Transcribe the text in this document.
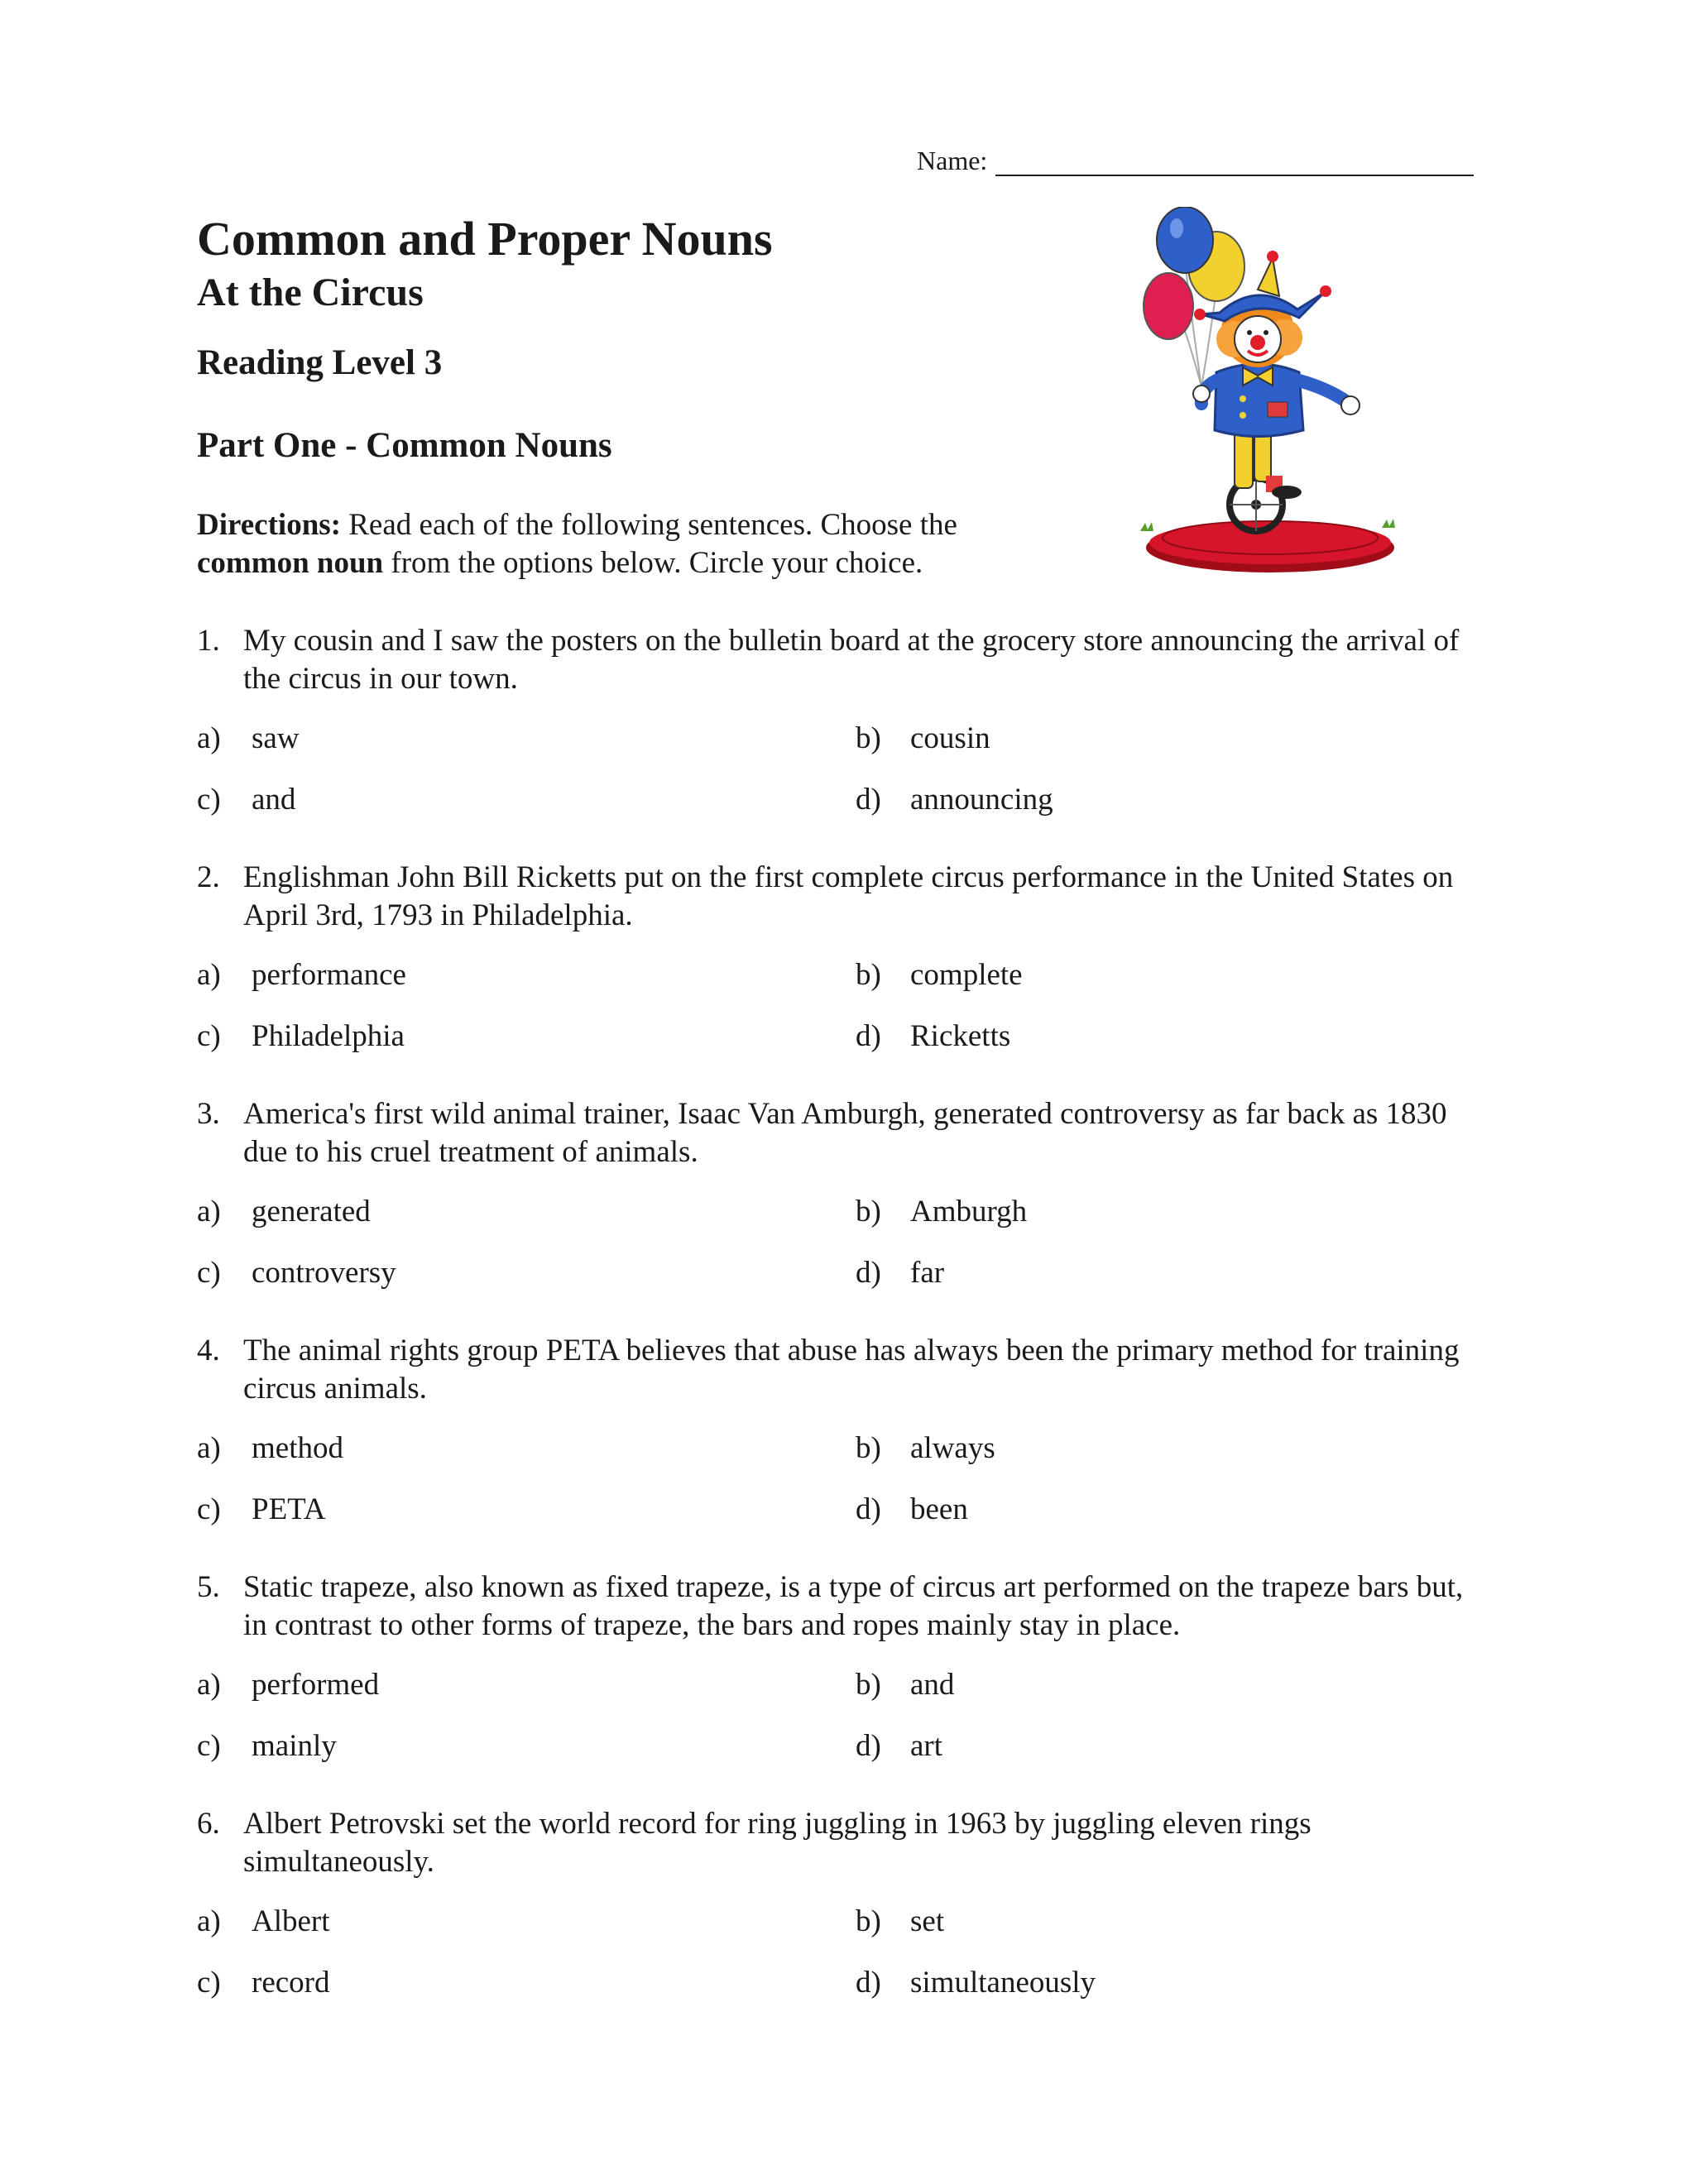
Name:
Common and Proper Nouns
At the Circus
Reading Level 3
Part One - Common Nouns

Directions: Read each of the following sentences. Choose the common noun from the options below. Circle your choice.

1. My cousin and I saw the posters on the bulletin board at the grocery store announcing the arrival of the circus in our town.
a)	saw	b) cousin
c)	and	d) announcing
2. Englishman John Bill Ricketts put on the first complete circus performance in the United States on April 3rd, 1793 in Philadelphia.
a)	performance	b) complete
c)	Philadelphia	d) Ricketts
3. America's first wild animal trainer, Isaac Van Amburgh, generated controversy as far back as 1830 due to his cruel treatment of animals.
a)	generated	b) Amburgh
c)	controversy	d) far
4. The animal rights group PETA believes that abuse has always been the primary method for training circus animals.
a)	method	b) always
c)	PETA	d) been
5. Static trapeze, also known as fixed trapeze, is a type of circus art performed on the trapeze bars but, in contrast to other forms of trapeze, the bars and ropes mainly stay in place.
a)	performed	b) and
c)	mainly	d) art
6. Albert Petrovski set the world record for ring juggling in 1963 by juggling eleven rings simultaneously.
a)	Albert	b) set
c)	record	d) simultaneously
